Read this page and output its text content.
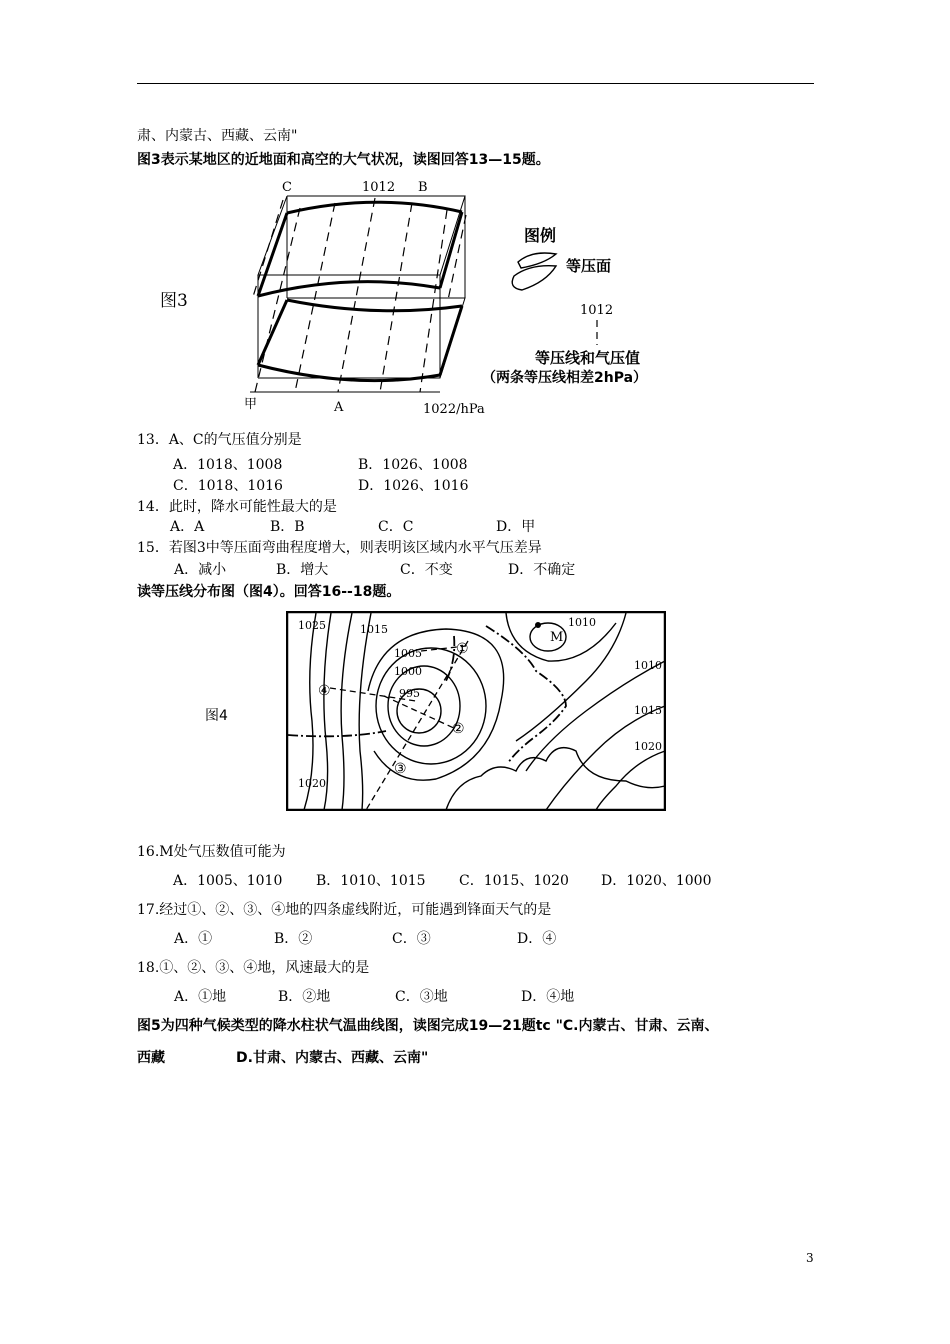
肃、内蒙古、西藏、云南"
图3表示某地区的近地面和高空的大气状况，读图回答13—15题。
图3
C	1012 B
甲	A	1022/hPa
图例
等压面
1012
等压线和气压值
（两条等压线相差2hPa）
13．A、C的气压值分别是
A．1018、1008	B．1026、1008
C．1018、1016	D．1026、1016
14．此时，降水可能性最大的是
A．A	B．B	C．C	D．甲
15．若图3中等压面弯曲程度增大，则表明该区域内水平气压差异
A．减小	B．增大	C．不变	D．不确定
读等压线分布图（图4）。回答16--18题。
图4
1025	1015
1005
1000
995
1020
1010
1010
1015
1020
M
①
②
③
④
16.M处气压数值可能为
A．1005、1010 B．1010、1015 C．1015、1020 D．1020、1000
17.经过①、②、③、④地的四条虚线附近，可能遇到锋面天气的是
A．①	B．②	C．③	D．④
18.①、②、③、④地，风速最大的是
A．①地	B．②地	C．③地	D．④地
图5为四种气候类型的降水柱状气温曲线图，读图完成19—21题tc "C.内蒙古、甘肃、云南、
西藏	D.甘肃、内蒙古、西藏、云南"
3
